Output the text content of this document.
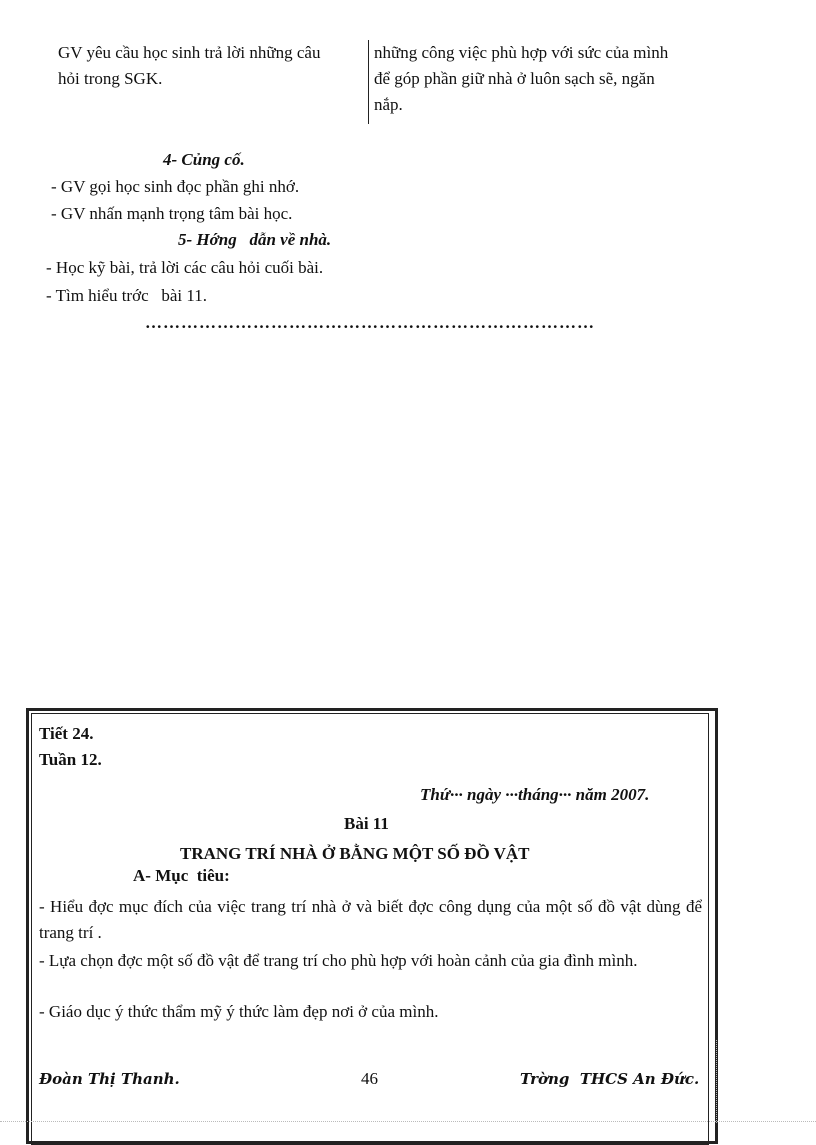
GV yêu cầu học sinh trả lời những câu
hỏi trong SGK.
những công việc phù hợp với sức của mình
để góp phần giữ nhà ở luôn sạch sẽ, ngăn
nắp.
4- Củng cố.
- GV gọi học sinh đọc phần ghi nhớ.
- GV nhấn mạnh trọng tâm bài học.
5- Hớng   dẫn về nhà.
- Học kỹ bài, trả lời các câu hỏi cuối bài.
- Tìm hiểu trớc   bài 11.
…………………………………………………………………
Tiết 24.
Tuần 12.
Thứ··· ngày ···tháng··· năm 2007.
Bài 11
TRANG TRÍ NHÀ Ở BẰNG MỘT SỐ ĐỒ VẬT
A- Mục  tiêu:
- Hiểu đợc mục đích của việc trang trí nhà ở và biết đợc công dụng của một số đồ vật dùng để trang trí .
- Lựa chọn đợc một số đồ vật để trang trí cho phù hợp với hoàn cảnh của gia đình mình.
- Giáo dục ý thức thẩm mỹ ý thức làm đẹp nơi ở của mình.
Đoàn Thị Thanh.	46	Trờng  THCS An Đức.
